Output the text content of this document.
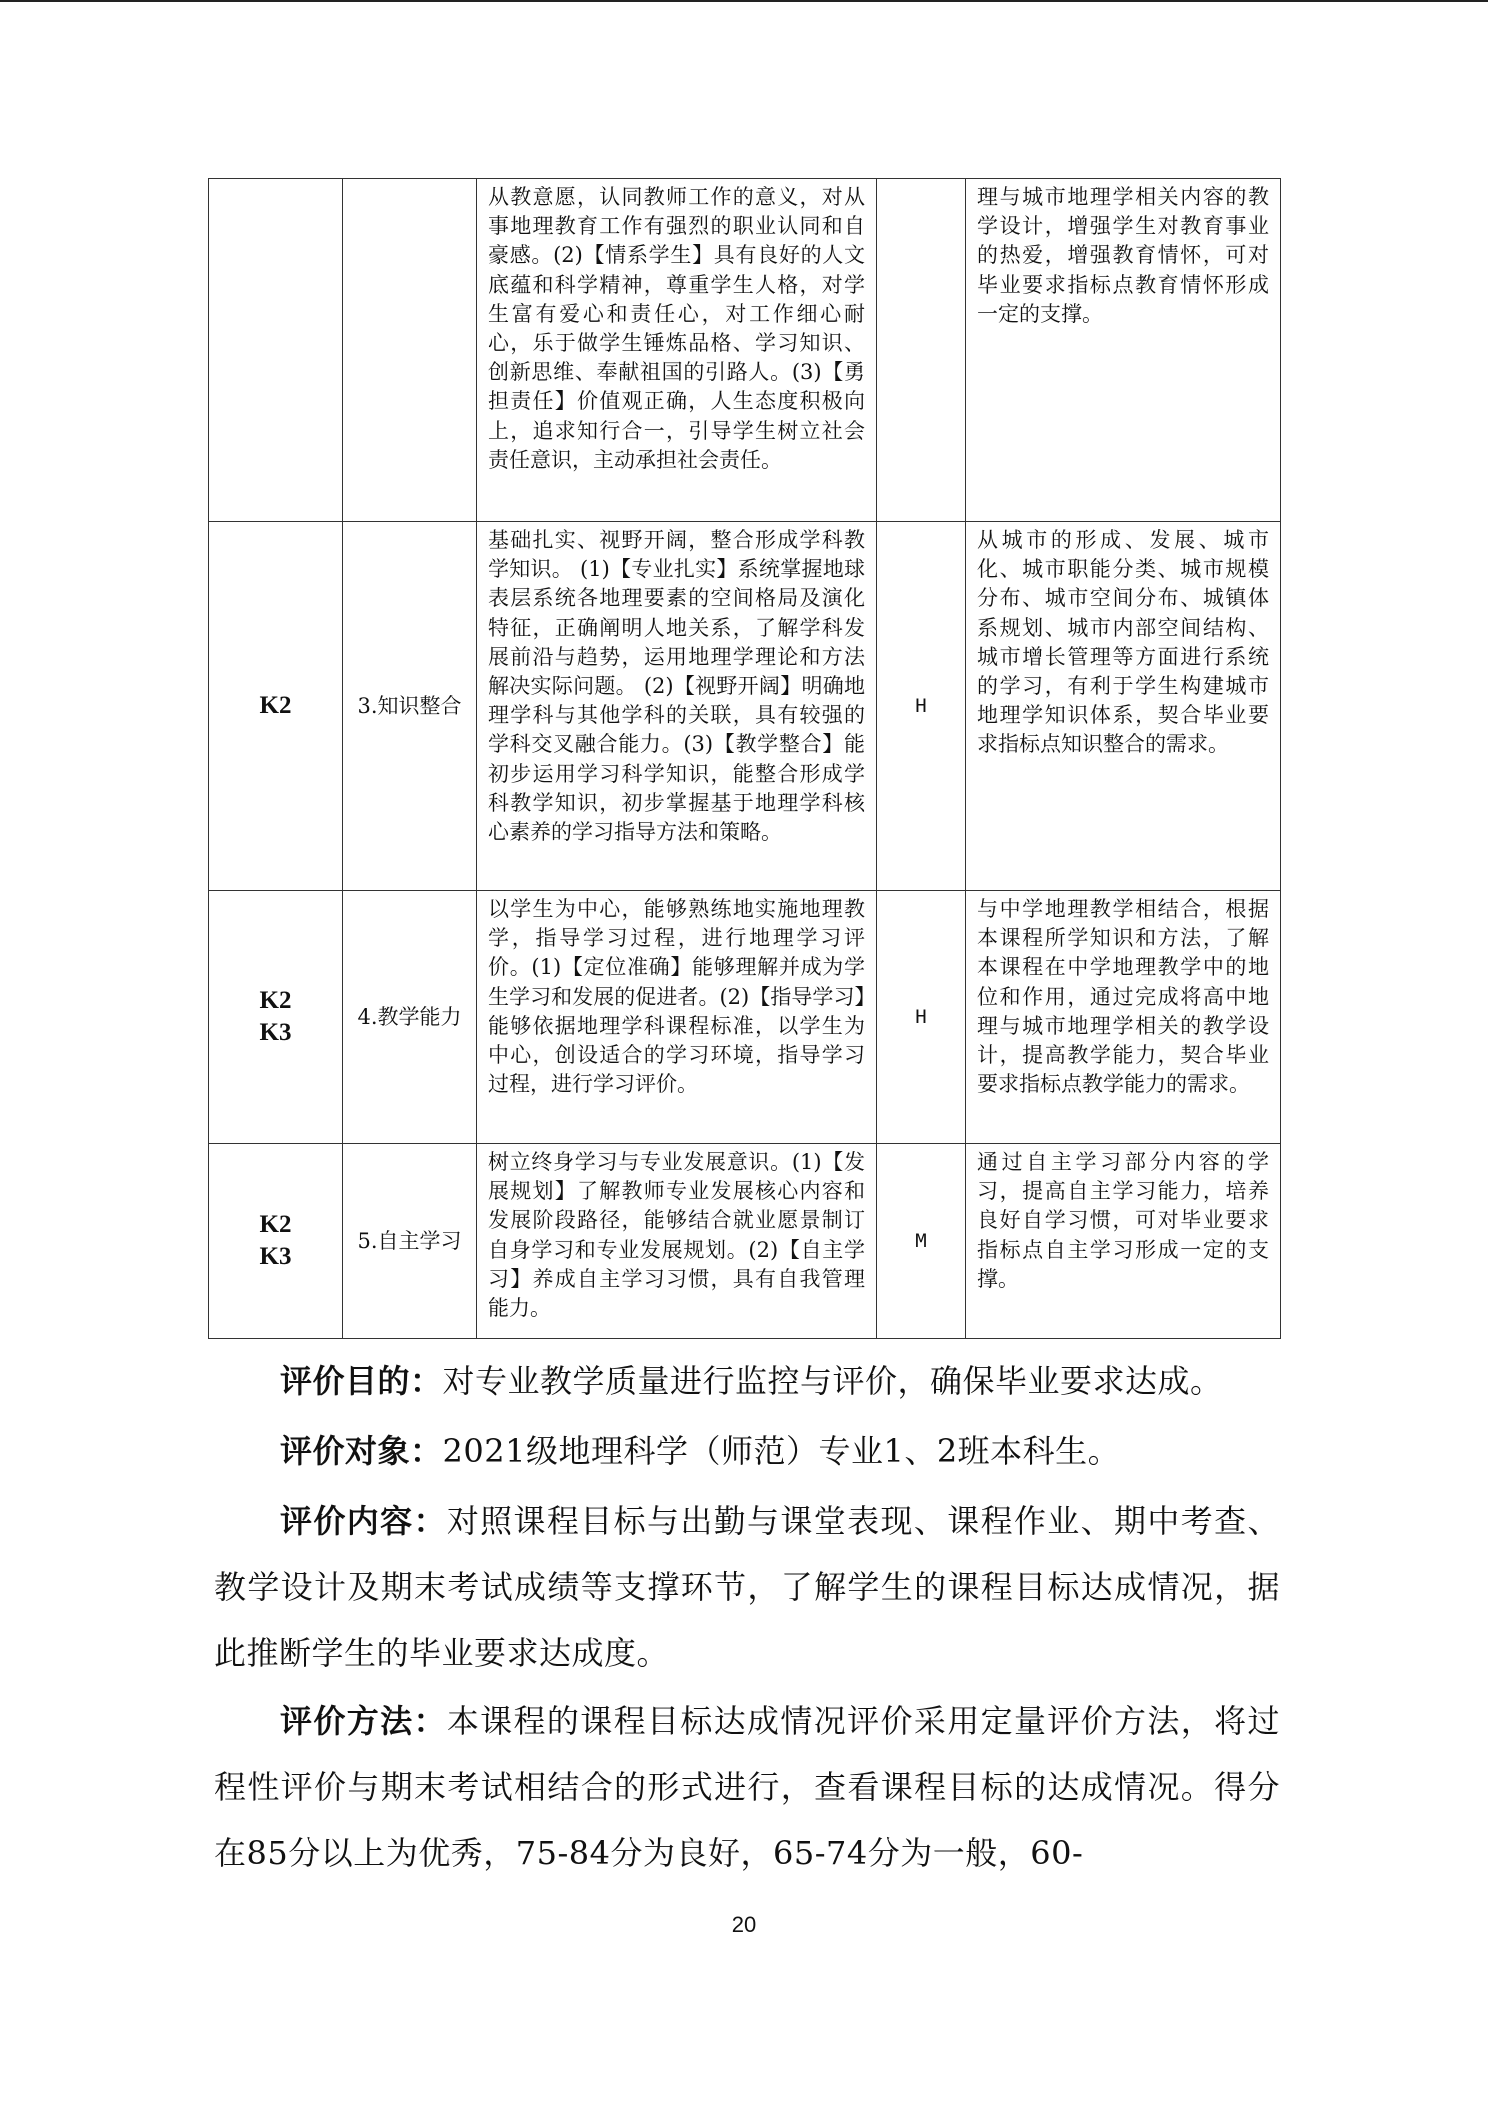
		从教意愿，认同教师工作的意义，对从事地理教育工作有强烈的职业认同和自豪感。(2)【情系学生】具有良好的人文底蕴和科学精神，尊重学生人格，对学生富有爱心和责任心，对工作细心耐心，乐于做学生锤炼品格、学习知识、创新思维、奉献祖国的引路人。(3)【勇担责任】价值观正确，人生态度积极向上，追求知行合一，引导学生树立社会责任意识，主动承担社会责任。		理与城市地理学相关内容的教学设计，增强学生对教育事业的热爱，增强教育情怀，可对毕业要求指标点教育情怀形成一定的支撑。

K2	3.知识整合	基础扎实、视野开阔，整合形成学科教学知识。 (1)【专业扎实】系统掌握地球表层系统各地理要素的空间格局及演化特征，正确阐明人地关系，了解学科发展前沿与趋势，运用地理学理论和方法解决实际问题。 (2)【视野开阔】明确地理学科与其他学科的关联，具有较强的学科交叉融合能力。(3)【教学整合】能初步运用学习科学知识，能整合形成学科教学知识，初步掌握基于地理学科核心素养的学习指导方法和策略。	H	从城市的形成、发展、城市化、城市职能分类、城市规模分布、城市空间分布、城镇体系规划、城市内部空间结构、城市增长管理等方面进行系统的学习，有利于学生构建城市地理学知识体系，契合毕业要求指标点知识整合的需求。

K2
K3	4.教学能力	以学生为中心，能够熟练地实施地理教学，指导学习过程，进行地理学习评价。(1)【定位准确】能够理解并成为学生学习和发展的促进者。(2)【指导学习】能够依据地理学科课程标准，以学生为中心，创设适合的学习环境，指导学习过程，进行学习评价。	H	与中学地理教学相结合，根据本课程所学知识和方法，了解本课程在中学地理教学中的地位和作用，通过完成将高中地理与城市地理学相关的教学设计，提高教学能力，契合毕业要求指标点教学能力的需求。

K2
K3	5.自主学习	树立终身学习与专业发展意识。(1)【发展规划】了解教师专业发展核心内容和发展阶段路径，能够结合就业愿景制订自身学习和专业发展规划。(2)【自主学习】养成自主学习习惯，具有自我管理能力。	M	通过自主学习部分内容的学习，提高自主学习能力，培养良好自学习惯，可对毕业要求指标点自主学习形成一定的支撑。

评价目的：对专业教学质量进行监控与评价，确保毕业要求达成。

评价对象：2021级地理科学（师范）专业1、2班本科生。

评价内容：对照课程目标与出勤与课堂表现、课程作业、期中考查、教学设计及期末考试成绩等支撑环节，了解学生的课程目标达成情况，据此推断学生的毕业要求达成度。

评价方法：本课程的课程目标达成情况评价采用定量评价方法，将过程性评价与期末考试相结合的形式进行，查看课程目标的达成情况。得分在85分以上为优秀，75-84分为良好，65-74分为一般，60-

20
